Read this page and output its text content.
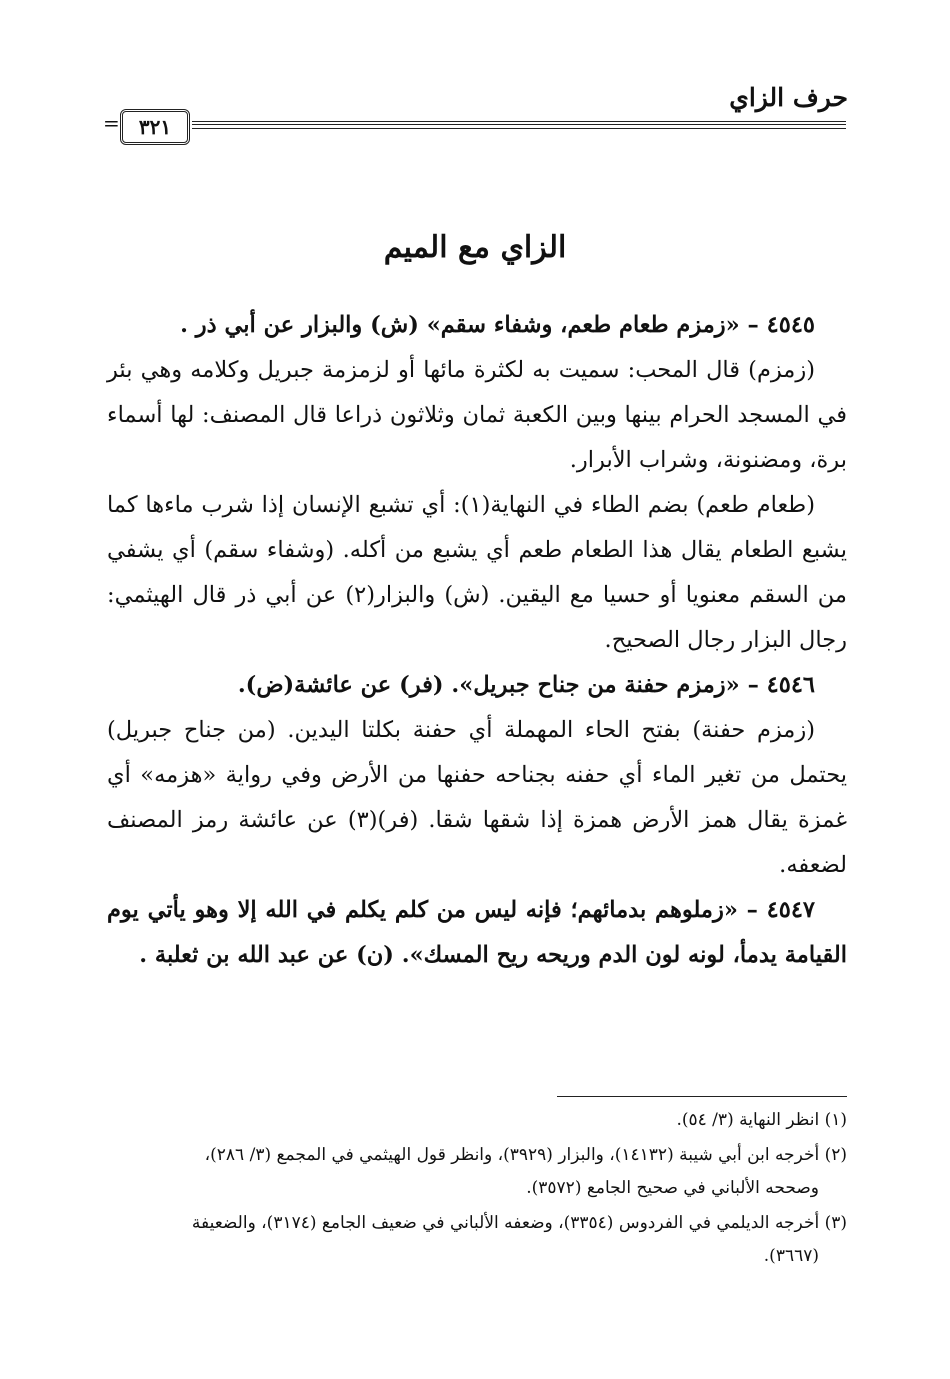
حرف الزاي
٣٢١
=
الزاي مع الميم

٤٥٤٥ – «زمزم طعام طعم، وشفاء سقم» (ش) والبزار عن أبي ذر .

(زمزم) قال المحب: سميت به لكثرة مائها أو لزمزمة جبريل وكلامه وهي بئر في المسجد الحرام بينها وبين الكعبة ثمان وثلاثون ذراعا قال المصنف: لها أسماء برة، ومضنونة، وشراب الأبرار.

(طعام طعم) بضم الطاء في النهاية(١): أي تشبع الإنسان إذا شرب ماءها كما يشبع الطعام يقال هذا الطعام طعم أي يشبع من أكله. (وشفاء سقم) أي يشفي من السقم معنويا أو حسيا مع اليقين. (ش) والبزار(٢) عن أبي ذر قال الهيثمي: رجال البزار رجال الصحيح.

٤٥٤٦ – «زمزم حفنة من جناح جبريل». (فر) عن عائشة(ض).

(زمزم حفنة) بفتح الحاء المهملة أي حفنة بكلتا اليدين. (من جناح جبريل) يحتمل من تغير الماء أي حفنه بجناحه حفنها من الأرض وفي رواية «هزمه» أي غمزة يقال همز الأرض همزة إذا شقها شقا. (فر)(٣) عن عائشة رمز المصنف لضعفه.

٤٥٤٧ – «زملوهم بدمائهم؛ فإنه ليس من كلم يكلم في الله إلا وهو يأتي يوم القيامة يدمأ، لونه لون الدم وريحه ريح المسك». (ن) عن عبد الله بن ثعلبة .

(١) انظر النهاية (٣/ ٥٤).

(٢) أخرجه ابن أبي شيبة (١٤١٣٢)، والبزار (٣٩٢٩)، وانظر قول الهيثمي في المجمع (٣/ ٢٨٦)،
وصححه الألباني في صحيح الجامع (٣٥٧٢).

(٣) أخرجه الديلمي في الفردوس (٣٣٥٤)، وضعفه الألباني في ضعيف الجامع (٣١٧٤)، والضعيفة
(٣٦٦٧).
